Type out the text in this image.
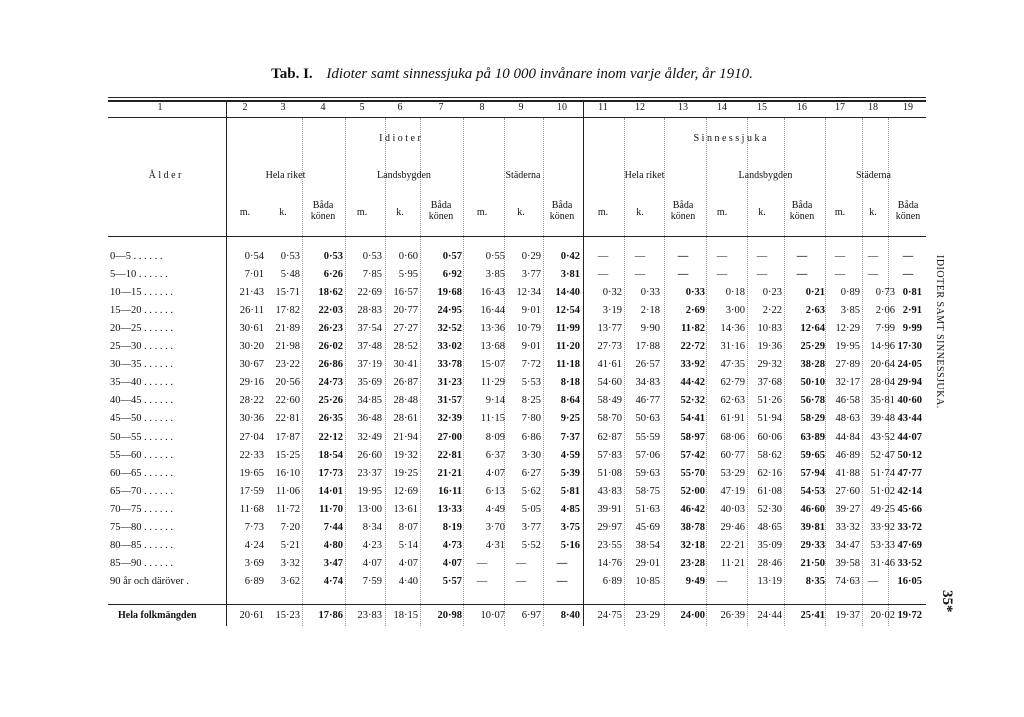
Tab. I. Idioter samt sinnessjuka på 10 000 invånare inom varje ålder, år 1910.
1	2	3	4	5	6	7	8	9	10	11	12	13	14	15	16	17	18	19
I d i o t e r	S i n n e s s j u k a
Å l d e r	Hela riket	Landsbygden	Städerna	Hela riket	Landsbygden	Städerna
m.	k.
Båda könen	m.	k.
Båda könen	m.	k.
Båda könen	m.	k.
Båda könen	m.	k.
Båda könen	m.	k.
Båda könen
0—5 . . . . . .	0·54	0·53	0·53	0·53	0·60	0·57	0·55	0·29	0·42	—	—	—	—	—	—	—	—	—
5—10 . . . . . .	7·01	5·48	6·26	7·85	5·95	6·92	3·85	3·77	3·81	—	—	—	—	—	—	—	—	—
10—15 . . . . . .	21·43	15·71	18·62	22·69	16·57	19·68	16·43	12·34	14·40	0·32	0·33	0·33	0·18	0·23	0·21	0·89	0·73 0·81
15—20 . . . . . .	26·11	17·82	22·03	28·83	20·77	24·95	16·44	9·01	12·54	3·19	2·18	2·69	3·00	2·22	2·63	3·85	2·06 2·91
20—25 . . . . . .	30·61	21·89	26·23	37·54	27·27	32·52	13·36	10·79	11·99	13·77	9·90	11·82	14·36	10·83	12·64	12·29	7·99 9·99
25—30 . . . . . .	30·20	21·98	26·02	37·48	28·52	33·02	13·68	9·01	11·20	27·73	17·88	22·72	31·16	19·36	25·29	19·95	14·96 17·30
30—35 . . . . . .	30·67	23·22	26·86	37·19	30·41	33·78	15·07	7·72	11·18	41·61	26·57	33·92	47·35	29·32	38·28	27·89	20·64 24·05
35—40 . . . . . .	29·16	20·56	24·73	35·69	26·87	31·23	11·29	5·53	8·18	54·60	34·83	44·42	62·79	37·68	50·10	32·17	28·04 29·94
40—45 . . . . . .	28·22	22·60	25·26	34·85	28·48	31·57	9·14	8·25	8·64	58·49	46·77	52·32	62·63	51·26	56·78	46·58	35·81 40·60
45—50 . . . . . .	30·36	22·81	26·35	36·48	28·61	32·39	11·15	7·80	9·25	58·70	50·63	54·41	61·91	51·94	58·29	48·63	39·48 43·44
50—55 . . . . . .	27·04	17·87	22·12	32·49	21·94	27·00	8·09	6·86	7·37	62·87	55·59	58·97	68·06	60·06	63·89	44·84	43·52 44·07
55—60 . . . . . .	22·33	15·25	18·54	26·60	19·32	22·81	6·37	3·30	4·59	57·83	57·06	57·42	60·77	58·62	59·65	46·89	52·47 50·12
60—65 . . . . . .	19·65	16·10	17·73	23·37	19·25	21·21	4·07	6·27	5·39	51·08	59·63	55·70	53·29	62·16	57·94	41·88	51·74 47·77
65—70 . . . . . .	17·59	11·06	14·01	19·95	12·69	16·11	6·13	5·62	5·81	43·83	58·75	52·00	47·19	61·08	54·53	27·60	51·02 42·14
70—75 . . . . . .	11·68	11·72	11·70	13·00	13·61	13·33	4·49	5·05	4·85	39·91	51·63	46·42	40·03	52·30	46·60	39·27	49·25 45·66
75—80 . . . . . .	7·73	7·20	7·44	8·34	8·07	8·19	3·70	3·77	3·75	29·97	45·69	38·78	29·46	48·65	39·81	33·32	33·92 33·72
80—85 . . . . . .	4·24	5·21	4·80	4·23	5·14	4·73	4·31	5·52	5·16	23·55	38·54	32·18	22·21	35·09	29·33	34·47	53·33 47·69
85—90 . . . . . .	3·69	3·32	3·47	4·07	4·07	4·07	—	—	—	14·76	29·01	23·28	11·21	28·46	21·50	39·58	31·46 33·52
90 år och däröver .	6·89	3·62	4·74	7·59	4·40	5·57	—	—	—	6·89	10·85	9·49	—	13·19	8·35	74·63 —	16·05
Hela folkmängden	20·61	15·23	17·86	23·83	18·15	20·98	10·07	6·97	8·40	24·75	23·29	24·00	26·39	24·44	25·41	19·37	20·02 19·72
IDIOTER SAMT SINNESSJUKA.
35*
